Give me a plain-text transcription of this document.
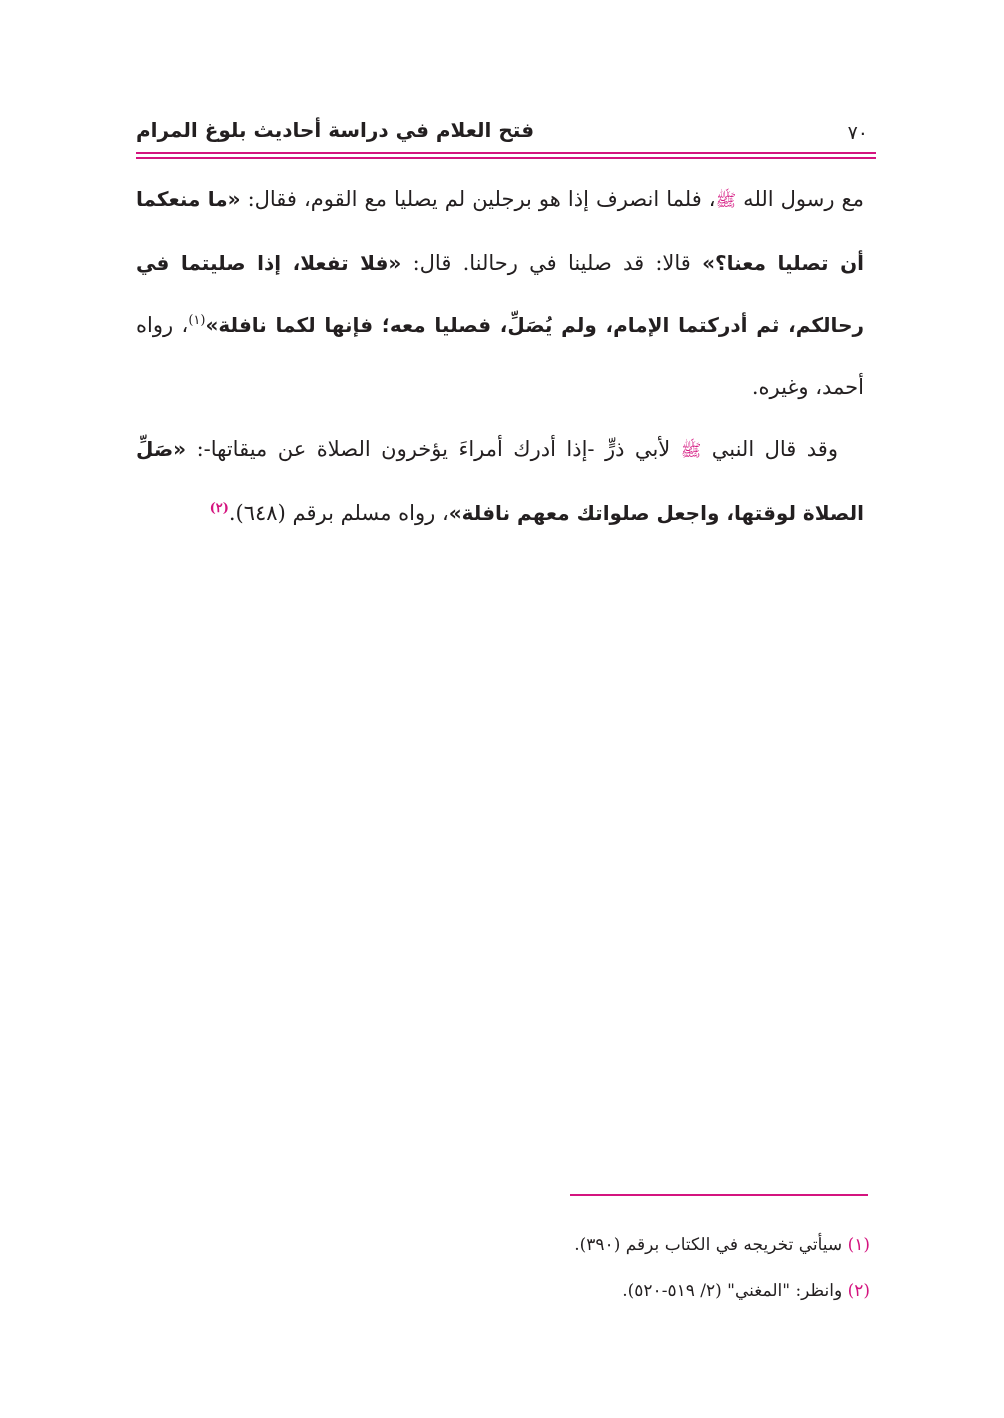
فتح العلام في دراسة أحاديث بلوغ المرام	٧٠

مع رسول الله ﷺ، فلما انصرف إذا هو برجلين لم يصليا مع القوم، فقال: «ما منعكما أن تصليا معنا؟» قالا: قد صلينا في رحالنا. قال: «فلا تفعلا، إذا صليتما في رحالكم، ثم أدركتما الإمام، ولم يُصَلِّ، فصليا معه؛ فإنها لكما نافلة»$^{(١)}$، رواه أحمد، وغيره.

وقد قال النبي ﷺ لأبي ذرٍّ -إذا أدرك أمراءَ يؤخرون الصلاة عن ميقاتها-: «صَلِّ الصلاة لوقتها، واجعل صلواتك معهم نافلة»، رواه مسلم برقم (٦٤٨).$^{(٢)}$

(١) سيأتي تخريجه في الكتاب برقم (٣٩٠).
(٢) وانظر: "المغني" (٢/ ٥١٩-٥٢٠).
